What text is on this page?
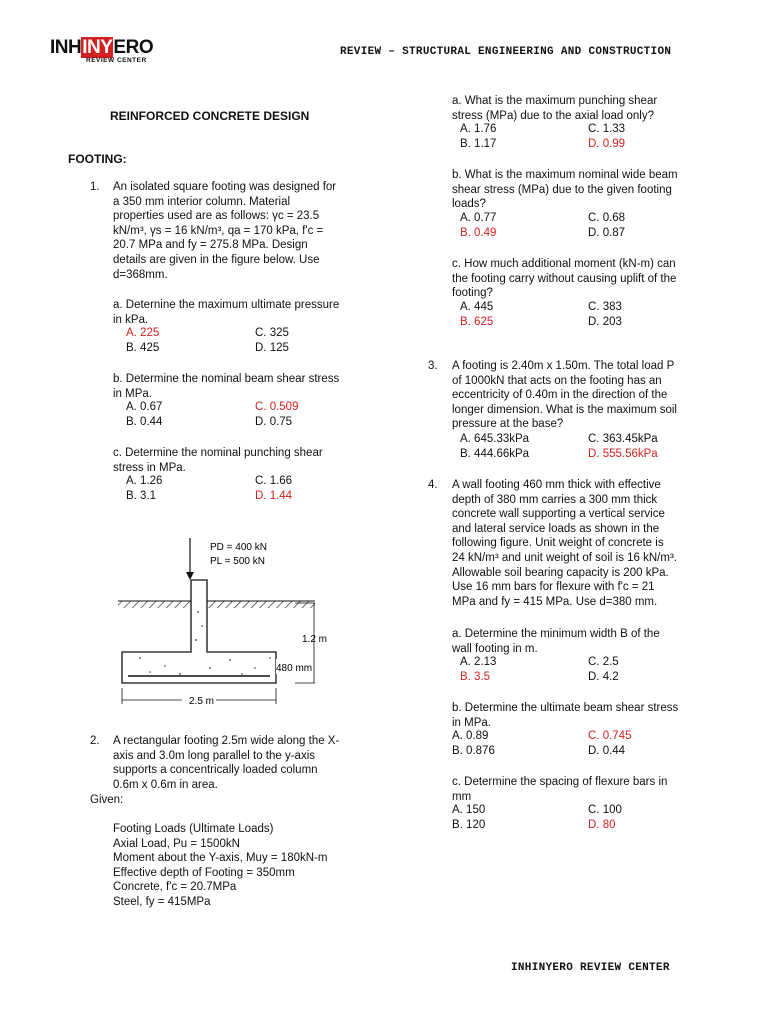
INHINYERO
REVIEW CENTER
REVIEW – STRUCTURAL ENGINEERING AND CONSTRUCTION
REINFORCED CONCRETE DESIGN
FOOTING:
1. An isolated square footing was designed for
a 350 mm interior column. Material
properties used are as follows: γc = 23.5
kN/m³, γs = 16 kN/m³, qa = 170 kPa, f'c =
20.7 MPa and fy = 275.8 MPa. Design
details are given in the figure below. Use
d=368mm.
a. Deternine the maximum ultimate pressure
in kPa.
A. 225	C. 325
B. 425	D. 125
b. Determine the nominal beam shear stress
in MPa.
A. 0.67	C. 0.509
B. 0.44	D. 0.75
c. Determine the nominal punching shear
stress in MPa.
A. 1.26	C. 1.66
B. 3.1	D. 1.44
PD = 400 kN
PL = 500 kN
1.2 m
480 mm
2.5 m
2. A rectangular footing 2.5m wide along the X-
axis and 3.0m long parallel to the y-axis
supports a concentrically loaded column
0.6m x 0.6m in area.
Given:
Footing Loads (Ultimate Loads)
Axial Load, Pu = 1500kN
Moment about the Y-axis, Muy = 180kN-m
Effective depth of Footing = 350mm
Concrete, f'c = 20.7MPa
Steel, fy = 415MPa
a. What is the maximum punching shear
stress (MPa) due to the axial load only?
A. 1.76	C. 1.33
B. 1.17	D. 0.99
b. What is the maximum nominal wide beam
shear stress (MPa) due to the given footing
loads?
A. 0.77	C. 0.68
B. 0.49	D. 0.87
c. How much additional moment (kN-m) can
the footing carry without causing uplift of the
footing?
A. 445	C. 383
B. 625	D. 203
3. A footing is 2.40m x 1.50m. The total load P
of 1000kN that acts on the footing has an
eccentricity of 0.40m in the direction of the
longer dimension. What is the maximum soil
pressure at the base?
A. 645.33kPa	C. 363.45kPa
B. 444.66kPa	D. 555.56kPa
4. A wall footing 460 mm thick with effective
depth of 380 mm carries a 300 mm thick
concrete wall supporting a vertical service
and lateral service loads as shown in the
following figure. Unit weight of concrete is
24 kN/m³ and unit weight of soil is 16 kN/m³.
Allowable soil bearing capacity is 200 kPa.
Use 16 mm bars for flexure with f'c = 21
MPa and fy = 415 MPa. Use d=380 mm.
a. Determine the minimum width B of the
wall footing in m.
A. 2.13	C. 2.5
B. 3.5	D. 4.2
b. Determine the ultimate beam shear stress
in MPa.
A. 0.89	C. 0.745
B. 0.876	D. 0.44
c. Determine the spacing of flexure bars in
mm
A. 150	C. 100
B. 120	D. 80
INHINYERO REVIEW CENTER
